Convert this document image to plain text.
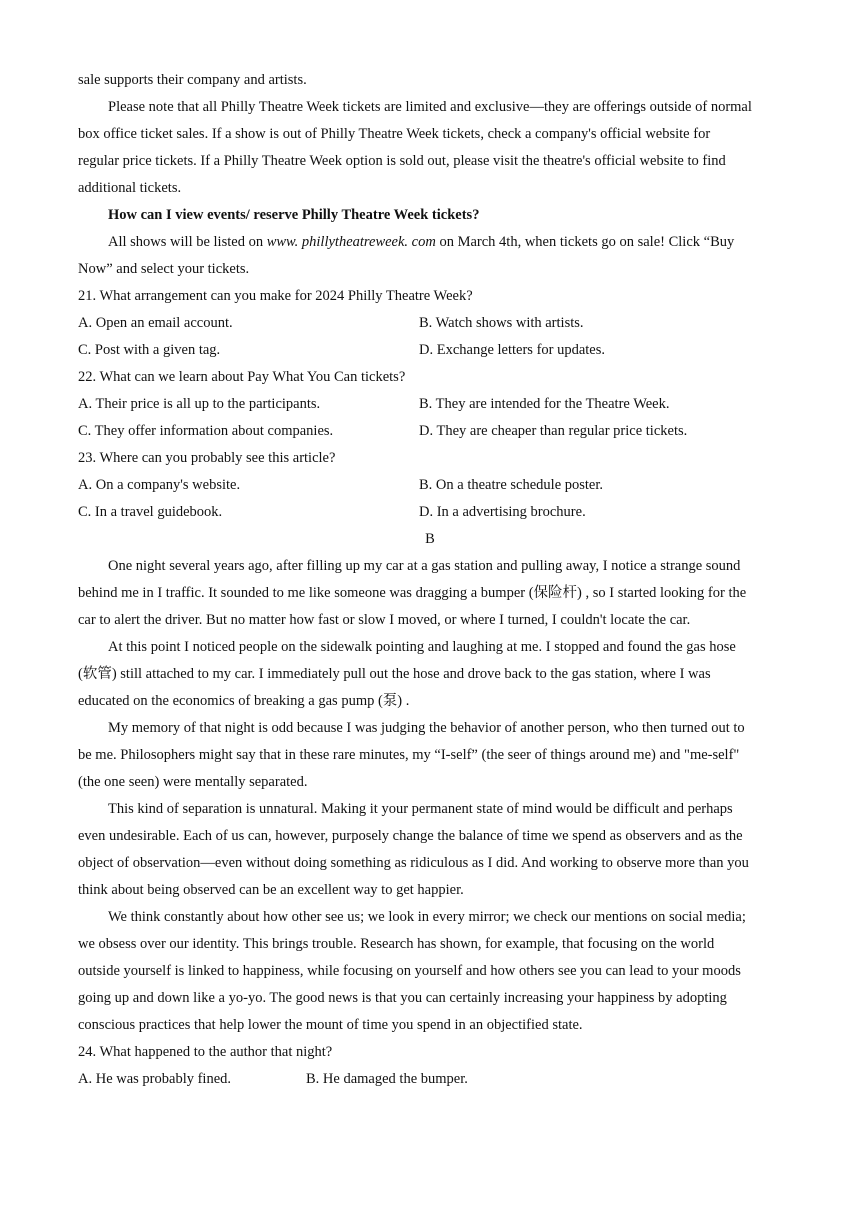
sale supports their company and artists.
Please note that all Philly Theatre Week tickets are limited and exclusive—they are offerings outside of normal
box office ticket sales. If a show is out of Philly Theatre Week tickets, check a company's official website for
regular price tickets. If a Philly Theatre Week option is sold out, please visit the theatre's official website to find
additional tickets.
How can I view events/ reserve Philly Theatre Week tickets?
All shows will be listed on www. phillytheatreweek. com on March 4th, when tickets go on sale! Click “Buy
Now” and select your tickets.
21. What arrangement can you make for 2024 Philly Theatre Week?
A. Open an email account.	B. Watch shows with artists.
C. Post with a given tag.	D. Exchange letters for updates.
22. What can we learn about Pay What You Can tickets?
A. Their price is all up to the participants.	B. They are intended for the Theatre Week.
C. They offer information about companies.	D. They are cheaper than regular price tickets.
23. Where can you probably see this article?
A. On a company's website.	B. On a theatre schedule poster.
C. In a travel guidebook.	D. In a advertising brochure.
B
One night several years ago, after filling up my car at a gas station and pulling away, I notice a strange sound
behind me in I traffic. It sounded to me like someone was dragging a bumper (保险杆) , so I started looking for the
car to alert the driver. But no matter how fast or slow I moved, or where I turned, I couldn't locate the car.
At this point I noticed people on the sidewalk pointing and laughing at me. I stopped and found the gas hose
(软管) still attached to my car. I immediately pull out the hose and drove back to the gas station, where I was
educated on the economics of breaking a gas pump (泵) .
My memory of that night is odd because I was judging the behavior of another person, who then turned out to
be me. Philosophers might say that in these rare minutes, my “I-self” (the seer of things around me) and "me-self"
(the one seen) were mentally separated.
This kind of separation is unnatural. Making it your permanent state of mind would be difficult and perhaps
even undesirable. Each of us can, however, purposely change the balance of time we spend as observers and as the
object of observation—even without doing something as ridiculous as I did. And working to observe more than you
think about being observed can be an excellent way to get happier.
We think constantly about how other see us; we look in every mirror; we check our mentions on social media;
we obsess over our identity. This brings trouble. Research has shown, for example, that focusing on the world
outside yourself is linked to happiness, while focusing on yourself and how others see you can lead to your moods
going up and down like a yo-yo. The good news is that you can certainly increasing your happiness by adopting
conscious practices that help lower the mount of time you spend in an objectified state.
24. What happened to the author that night?
A. He was probably fined.	B. He damaged the bumper.
